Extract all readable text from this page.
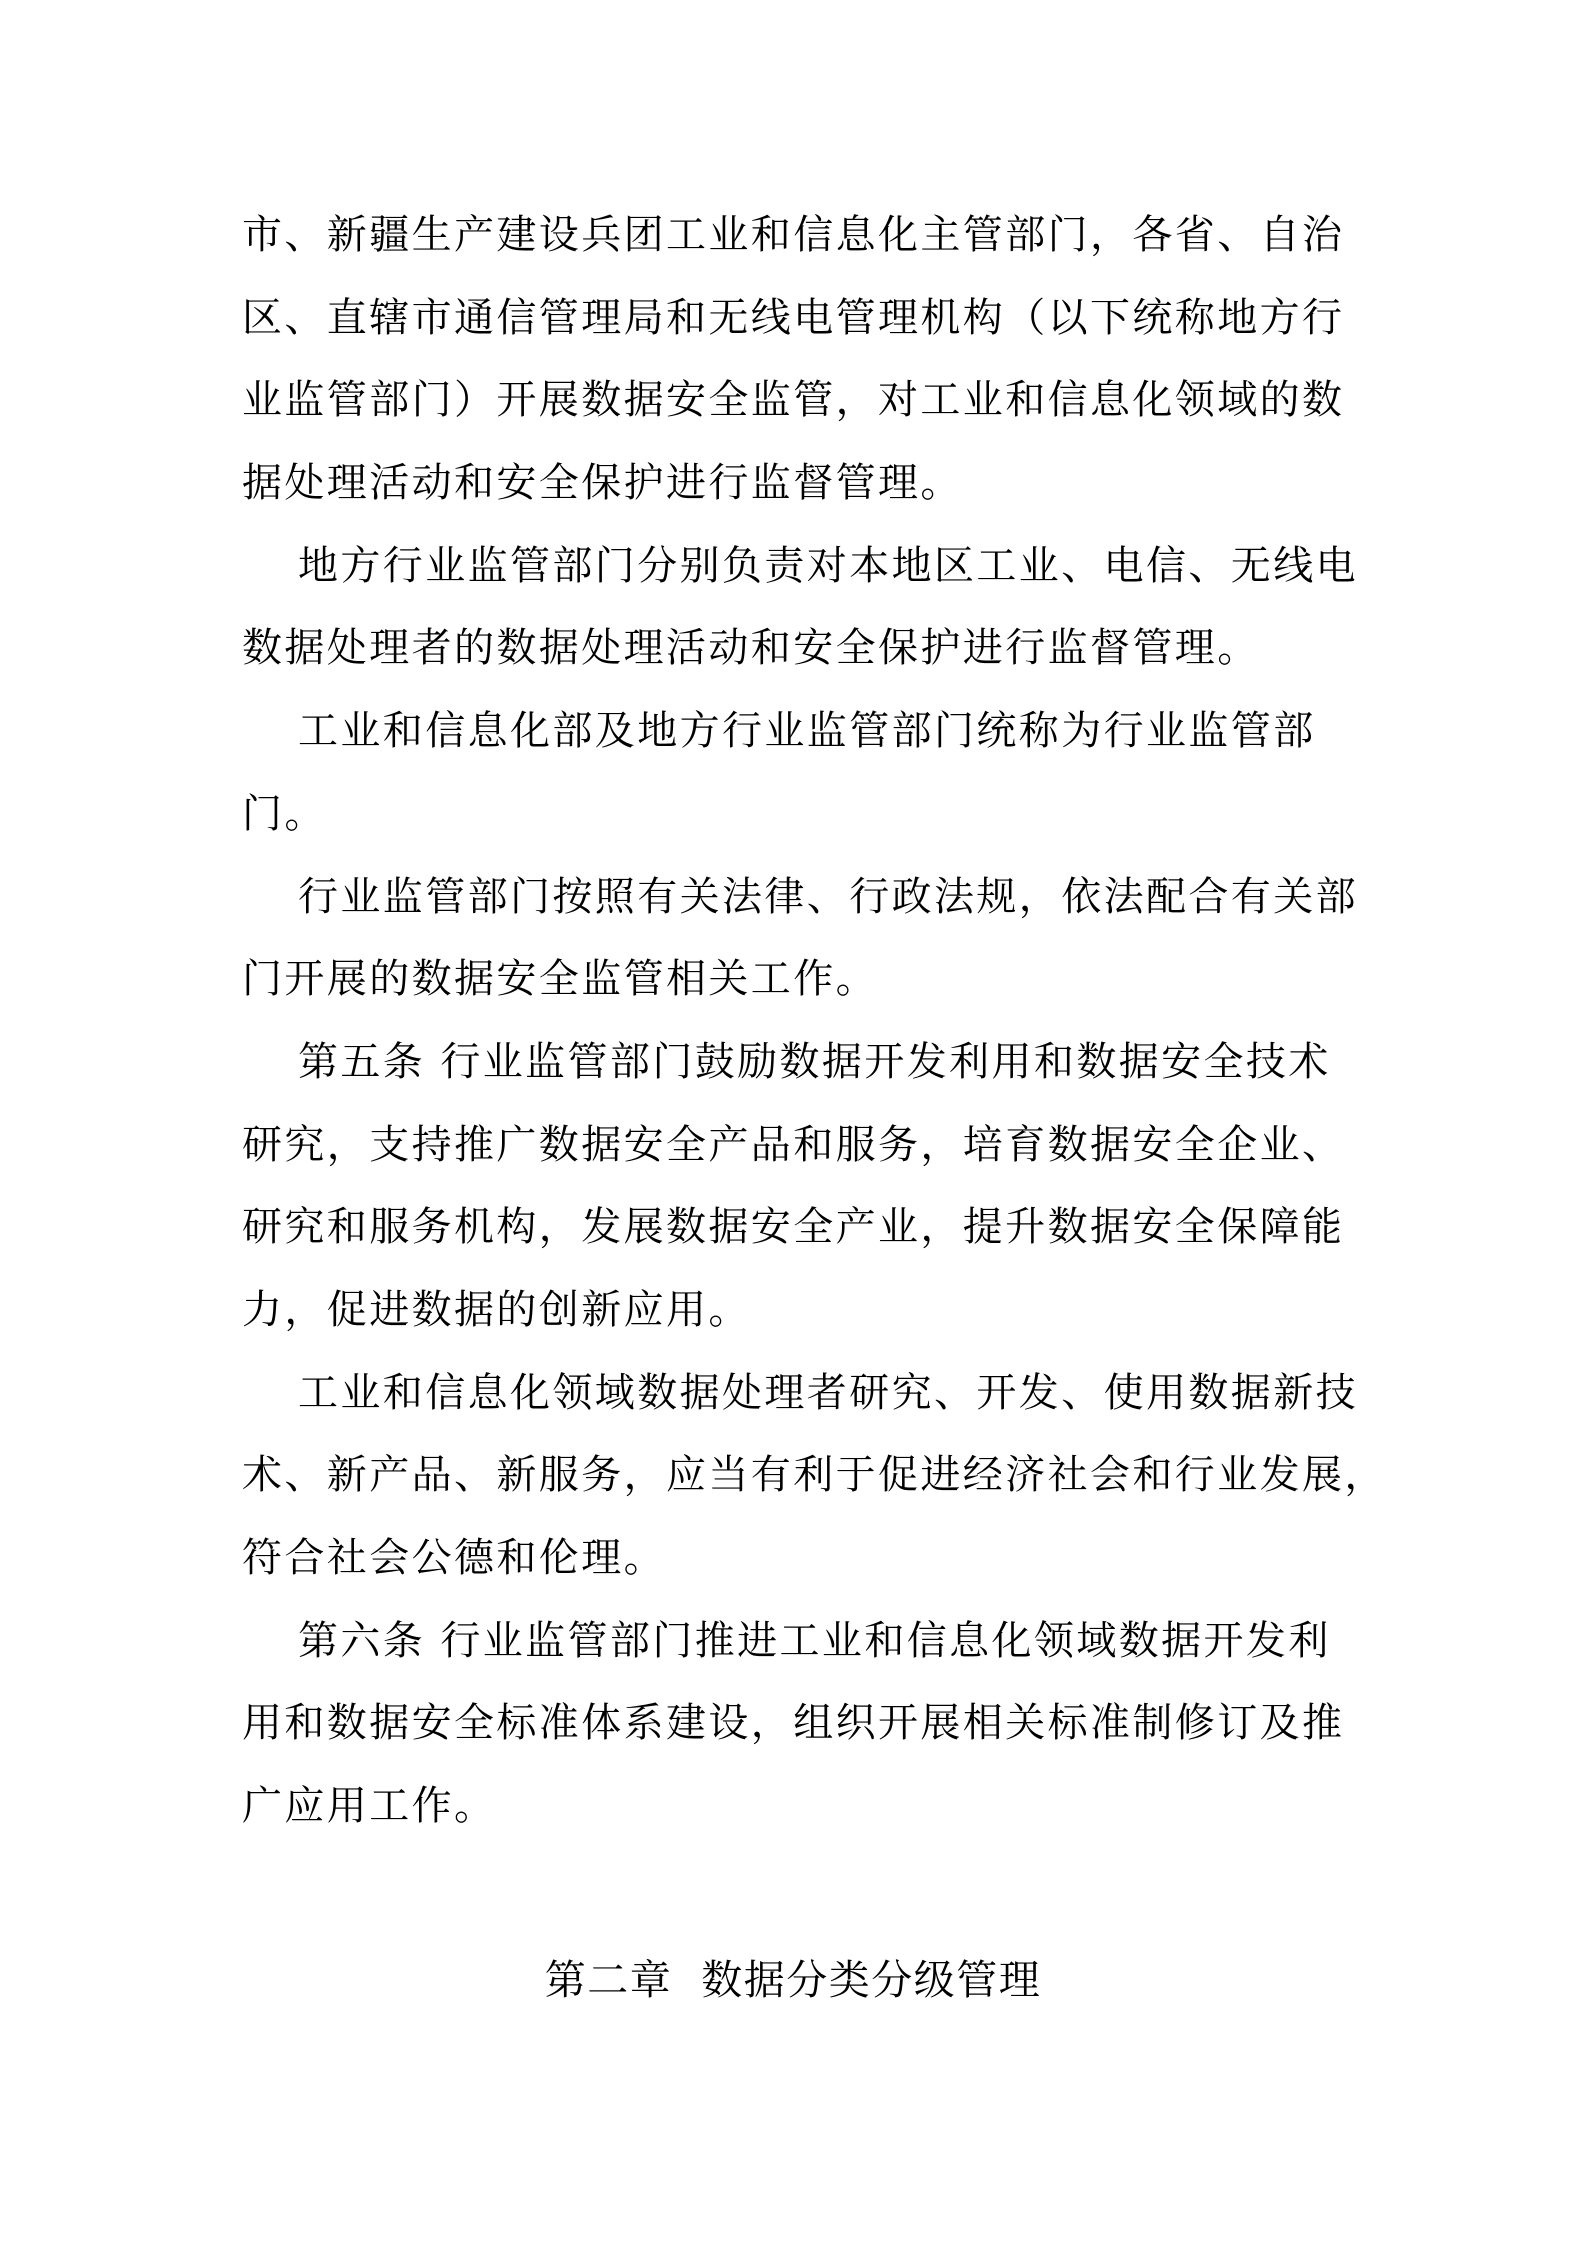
市、新疆生产建设兵团工业和信息化主管部门，各省、自治
区、直辖市通信管理局和无线电管理机构（以下统称地方行
业监管部门）开展数据安全监管，对工业和信息化领域的数
据处理活动和安全保护进行监督管理。
地方行业监管部门分别负责对本地区工业、电信、无线电
数据处理者的数据处理活动和安全保护进行监督管理。
工业和信息化部及地方行业监管部门统称为行业监管部
门。
行业监管部门按照有关法律、行政法规，依法配合有关部
门开展的数据安全监管相关工作。
第五条 行业监管部门鼓励数据开发利用和数据安全技术
研究，支持推广数据安全产品和服务，培育数据安全企业、
研究和服务机构，发展数据安全产业，提升数据安全保障能
力，促进数据的创新应用。
工业和信息化领域数据处理者研究、开发、使用数据新技
术、新产品、新服务，应当有利于促进经济社会和行业发展，
符合社会公德和伦理。
第六条 行业监管部门推进工业和信息化领域数据开发利
用和数据安全标准体系建设，组织开展相关标准制修订及推
广应用工作。
第二章  数据分类分级管理
